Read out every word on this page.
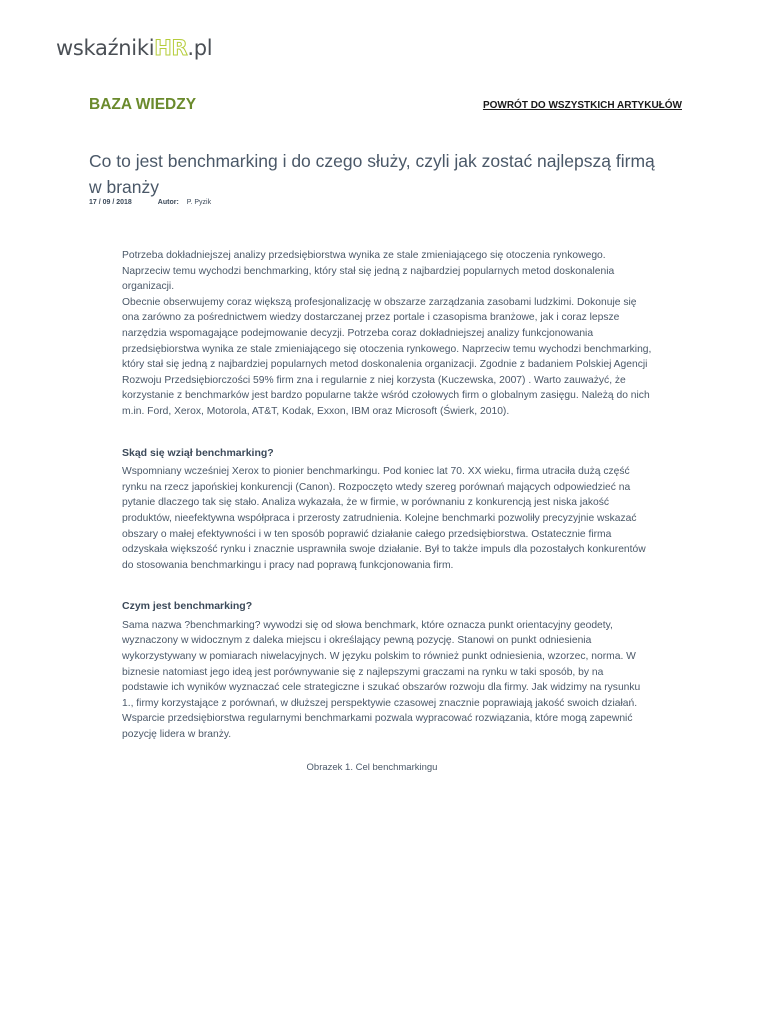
wskaźnikiHR.pl
BAZA WIEDZY	POWRÓT DO WSZYSTKICH ARTYKUŁÓW
Co to jest benchmarking i do czego służy, czyli jak zostać najlepszą firmą w branży
17 / 09 / 2018	Autor: P. Pyzik

Potrzeba dokładniejszej analizy przedsiębiorstwa wynika ze stale zmieniającego się otoczenia rynkowego. Naprzeciw temu wychodzi benchmarking, który stał się jedną z najbardziej popularnych metod doskonalenia organizacji.

Obecnie obserwujemy coraz większą profesjonalizację w obszarze zarządzania zasobami ludzkimi. Dokonuje się ona zarówno za pośrednictwem wiedzy dostarczanej przez portale i czasopisma branżowe, jak i coraz lepsze narzędzia wspomagające podejmowanie decyzji. Potrzeba coraz dokładniejszej analizy funkcjonowania przedsiębiorstwa wynika ze stale zmieniającego się otoczenia rynkowego. Naprzeciw temu wychodzi benchmarking, który stał się jedną z najbardziej popularnych metod doskonalenia organizacji. Zgodnie z badaniem Polskiej Agencji Rozwoju Przedsiębiorczości 59% firm zna i regularnie z niej korzysta (Kuczewska, 2007) . Warto zauważyć, że korzystanie z benchmarków jest bardzo popularne także wśród czołowych firm o globalnym zasięgu. Należą do nich m.in. Ford, Xerox, Motorola, AT&T, Kodak, Exxon, IBM oraz Microsoft (Świerk, 2010).

Skąd się wziął benchmarking?

Wspomniany wcześniej Xerox to pionier benchmarkingu. Pod koniec lat 70. XX wieku, firma utraciła dużą część rynku na rzecz japońskiej konkurencji (Canon). Rozpoczęto wtedy szereg porównań mających odpowiedzieć na pytanie dlaczego tak się stało. Analiza wykazała, że w firmie, w porównaniu z konkurencją jest niska jakość produktów, nieefektywna współpraca i przerosty zatrudnienia. Kolejne benchmarki pozwoliły precyzyjnie wskazać obszary o małej efektywności i w ten sposób poprawić działanie całego przedsiębiorstwa. Ostatecznie firma odzyskała większość rynku i znacznie usprawniła swoje działanie. Był to także impuls dla pozostałych konkurentów do stosowania benchmarkingu i pracy nad poprawą funkcjonowania firm.

Czym jest benchmarking?

Sama nazwa ?benchmarking? wywodzi się od słowa benchmark, które oznacza punkt orientacyjny geodety, wyznaczony w widocznym z daleka miejscu i określający pewną pozycję. Stanowi on punkt odniesienia wykorzystywany w pomiarach niwelacyjnych. W języku polskim to również punkt odniesienia, wzorzec, norma. W biznesie natomiast jego ideą jest porównywanie się z najlepszymi graczami na rynku w taki sposób, by na podstawie ich wyników wyznaczać cele strategiczne i szukać obszarów rozwoju dla firmy. Jak widzimy na rysunku 1., firmy korzystające z porównań, w dłuższej perspektywie czasowej znacznie poprawiają jakość swoich działań. Wsparcie przedsiębiorstwa regularnymi benchmarkami pozwala wypracować rozwiązania, które mogą zapewnić pozycję lidera w branży.

Obrazek 1. Cel benchmarkingu
